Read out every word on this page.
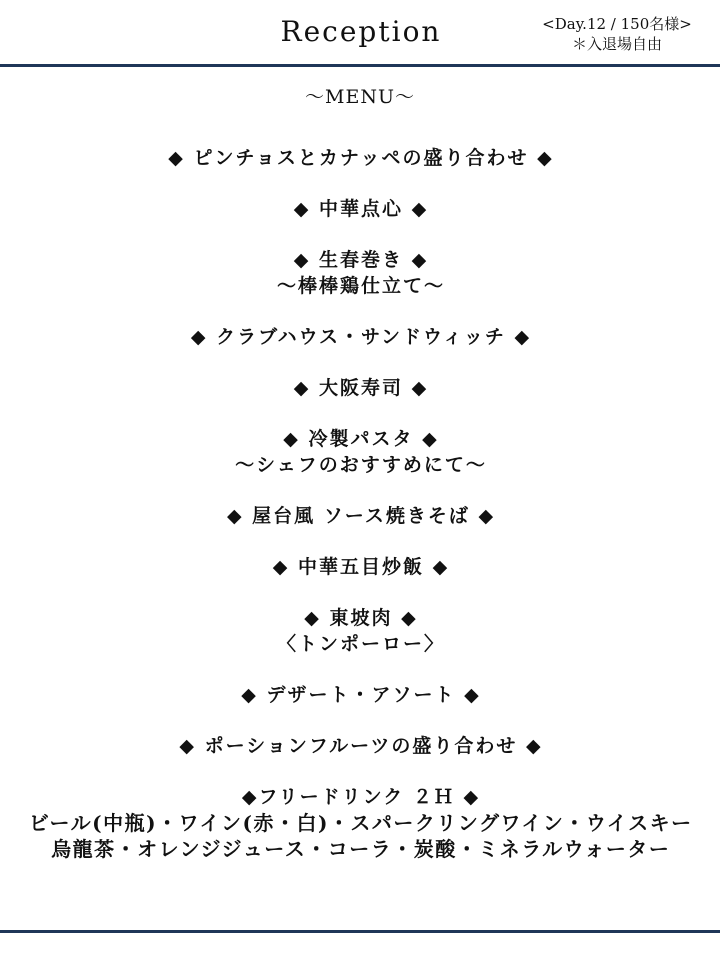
Reception	<Day.12 / 150名様>
＊入退場自由
～MENU～
◆ ピンチョスとカナッペの盛り合わせ ◆
◆ 中華点心 ◆
◆ 生春巻き ◆
～棒棒鶏仕立て～
◆ クラブハウス・サンドウィッチ ◆
◆ 大阪寿司 ◆
◆ 冷製パスタ ◆
～シェフのおすすめにて～
◆ 屋台風 ソース焼きそば ◆
◆ 中華五目炒飯 ◆
◆ 東坡肉 ◆
〈トンポーロー〉
◆ デザート・アソート ◆
◆ ポーションフルーツの盛り合わせ ◆
◆フリードリンク ２Ｈ ◆
ビール(中瓶)・ワイン(赤・白)・スパークリングワイン・ウイスキー
烏龍茶・オレンジジュース・コーラ・炭酸・ミネラルウォーター
